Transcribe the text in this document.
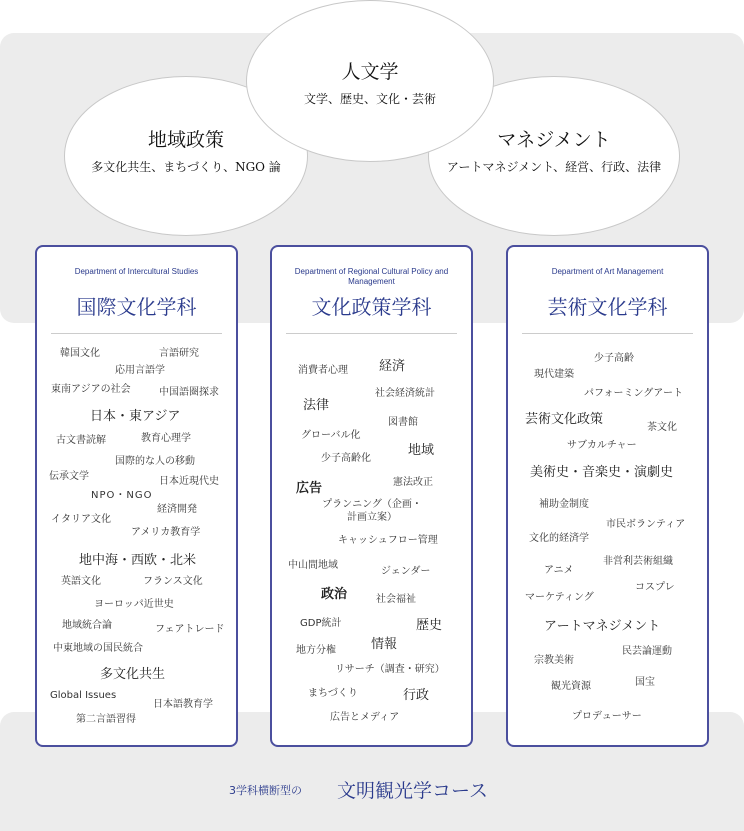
地域政策
多文化共生、まちづくり、NGO 論
マネジメント
アートマネジメント、経営、行政、法律
人文学
文学、歴史、文化・芸術
Department of Intercultural Studies
国際文化学科
韓国文化	言語研究
応用言語学
東南アジアの社会	中国語圏探求
日本・東アジア
古文書読解	教育心理学
国際的な人の移動
伝承文学	日本近現代史
NPO・NGO
イタリア文化
経済開発
アメリカ教育学
地中海・西欧・北米
英語文化	フランス文化
ヨーロッパ近世史
地域統合論	フェアトレード
中東地域の国民統合
多文化共生
Global Issues
日本語教育学
第二言語習得
Department of Regional Cultural Policy and Management
文化政策学科
消費者心理 経済
法律
社会経済統計
図書館
グローバル化
地域
少子高齢化
広告	憲法改正
プランニング（企画・計画立案）
キャッシュフロー管理
中山間地域
ジェンダー
政治	社会福祉
GDP統計	歴史
地方分権	情報
リサーチ（調査・研究）
まちづくり	行政
広告とメディア
Department of Art Management
芸術文化学科
少子高齢
現代建築
パフォーミングアート
芸術文化政策
茶文化
サブカルチャー
美術史・音楽史・演劇史
補助金制度
市民ボランティア
文化的経済学
非営利芸術組織
アニメ
コスプレ
マーケティング
アートマネジメント
宗教美術
民芸論運動
観光資源	国宝
プロデューサー
3学科横断型の 文明観光学コース
